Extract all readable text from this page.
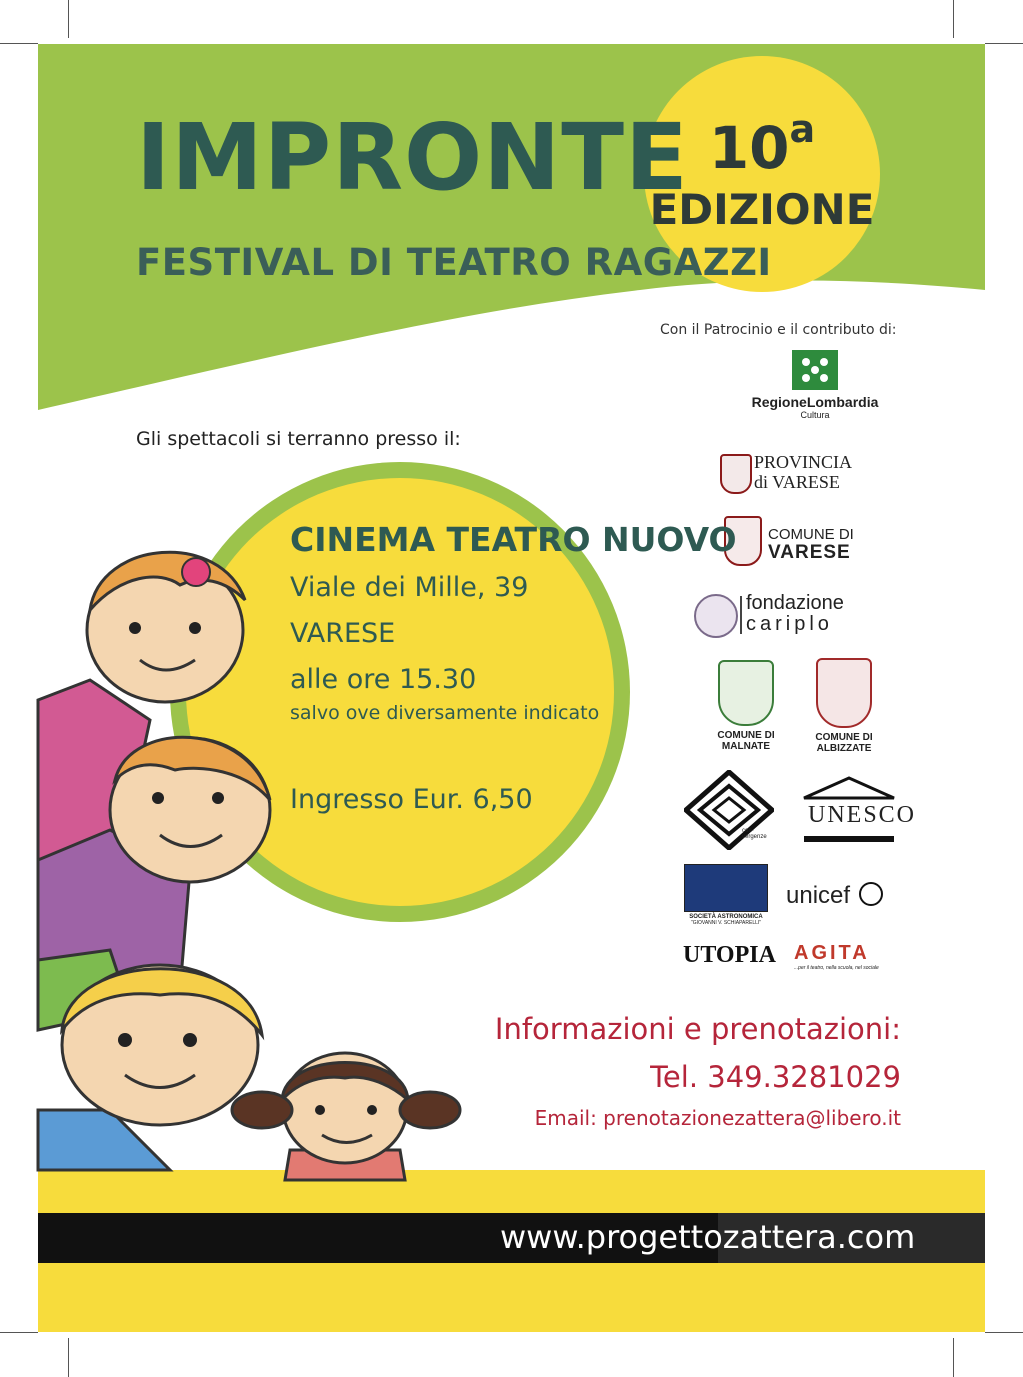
IMPRONTE
FESTIVAL DI TEATRO RAGAZZI
10$^a$
EDIZIONE
Con il Patrocinio e il contributo di:
RegioneLombardia
Cultura
PROVINCIA
di VARESE
COMUNE DI
VARESE
fondazione
cariplo
COMUNE DI
MALNATE
COMUNE DI
ALBIZZATE
con-vergenze
UNESCO
SOCIETÀ ASTRONOMICA
"GIOVANNI V. SCHIAPARELLI"
unicef
UTOPIA AGITA
...per il teatro, nella scuola, nel sociale
Gli spettacoli si terranno presso il:
CINEMA TEATRO NUOVO
Viale dei Mille, 39
VARESE
alle ore 15.30
salvo ove diversamente indicato
Ingresso Eur. 6,50
Informazioni e prenotazioni:
Tel. 349.3281029
Email: prenotazionezattera@libero.it
www.progettozattera.com
